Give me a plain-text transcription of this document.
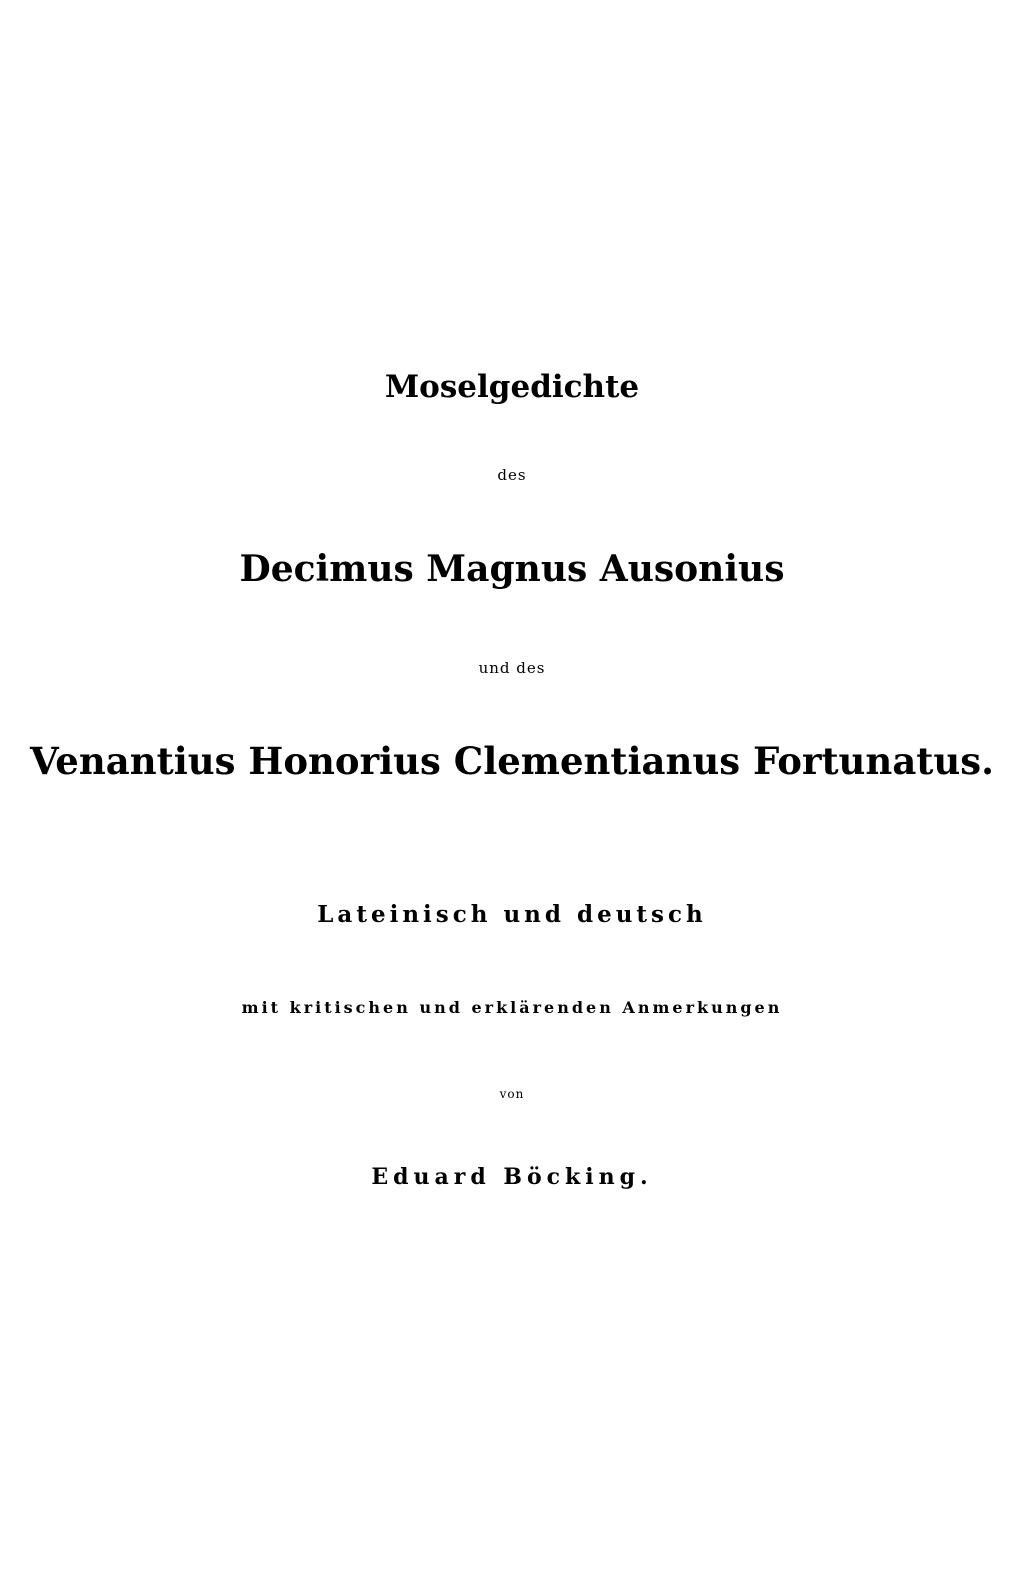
Moselgedichte
des
Decimus Magnus Ausonius
und des
Venantius Honorius Clementianus Fortunatus.
Lateinisch und deutsch
mit kritischen und erklärenden Anmerkungen
von
Eduard Böcking.
